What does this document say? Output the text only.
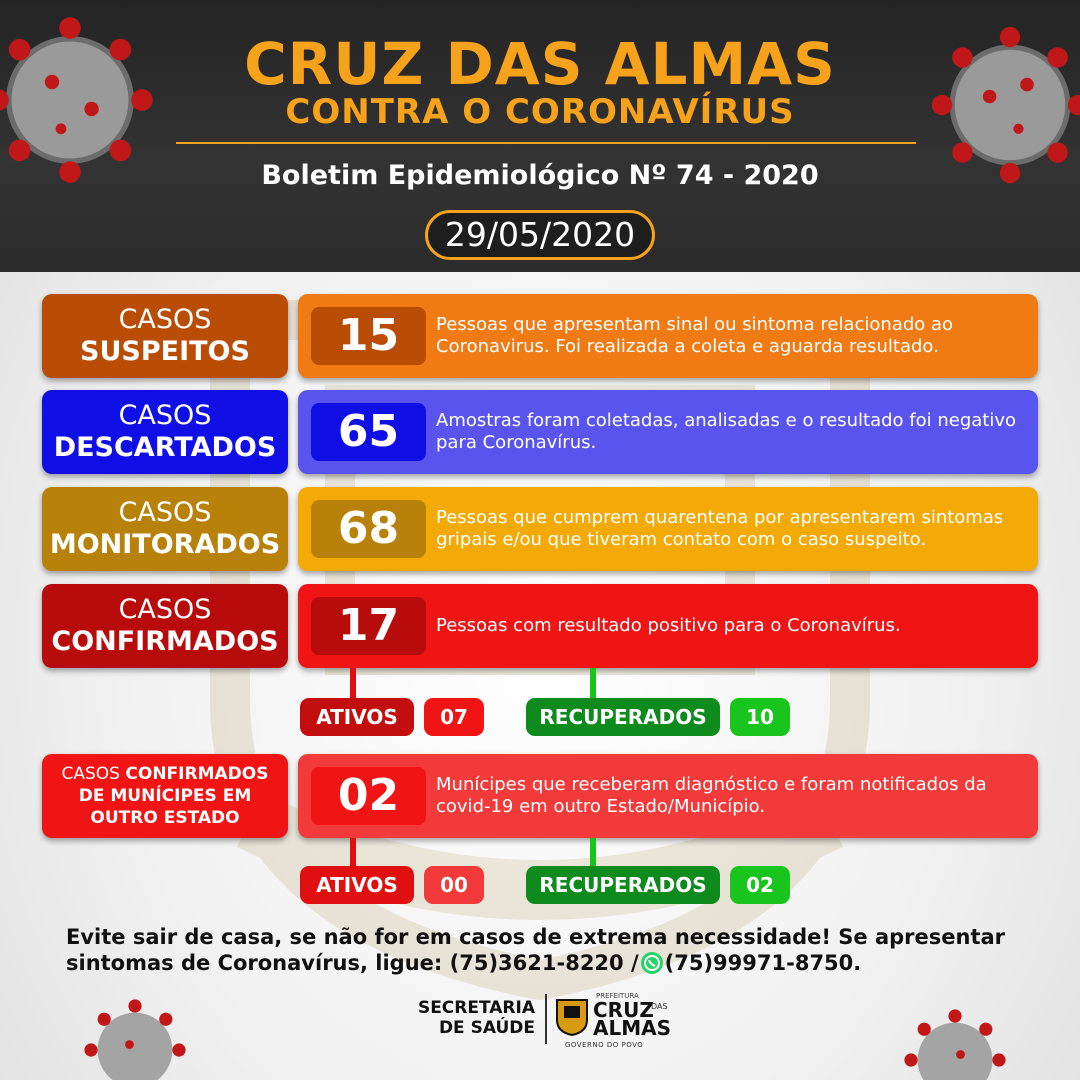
CRUZ DAS ALMAS
CONTRA O CORONAVÍRUS
Boletim Epidemiológico Nº 74 - 2020
29/05/2020
CASOS
SUSPEITOS	15	Pessoas que apresentam sinal ou sintoma relacionado ao Coronavirus. Foi realizada a coleta e aguarda resultado.
CASOS
DESCARTADOS	65	Amostras foram coletadas, analisadas e o resultado foi negativo para Coronavírus.
CASOS
MONITORADOS	68	Pessoas que cumprem quarentena por apresentarem sintomas gripais e/ou que tiveram contato com o caso suspeito.
CASOS
CONFIRMADOS	17	Pessoas com resultado positivo para o Coronavírus.
ATIVOS	07	RECUPERADOS	10
CASOS CONFIRMADOS
DE MUNÍCIPES EM
OUTRO ESTADO	02	Munícipes que receberam diagnóstico e foram notificados da covid-19 em outro Estado/Município.
ATIVOS	00	RECUPERADOS	02
Evite sair de casa, se não for em casos de extrema necessidade! Se apresentar
sintomas de Coronavírus, ligue: (75)3621-8220 / (75)99971-8750.
SECRETARIA
DE SAÚDE
PREFEITURA
CRUZ
DAS
ALMAS
GOVERNO DO POVO
